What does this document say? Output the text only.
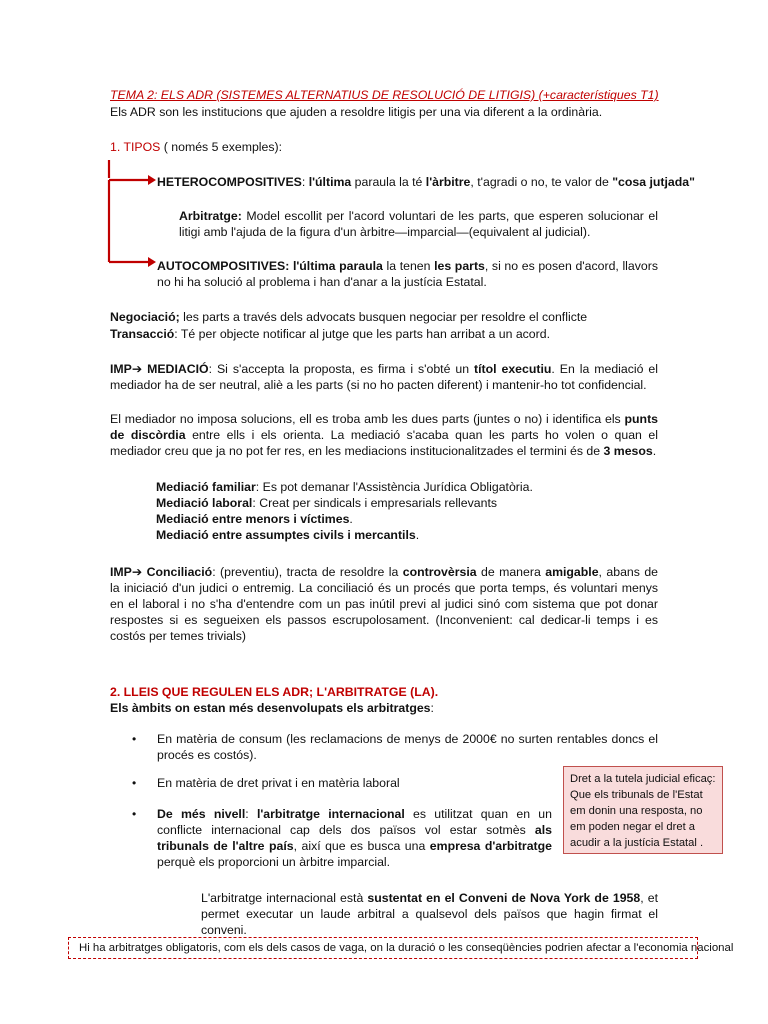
TEMA 2: ELS ADR (SISTEMES ALTERNATIUS DE RESOLUCIÓ DE LITIGIS) (+característiques T1)
Els ADR son les institucions que ajuden a resoldre litigis per una via diferent a la ordinària.
1. TIPOS ( només 5 exemples):
HETEROCOMPOSITIVES: l'última paraula la té l'àrbitre, t'agradi o no, te valor de "cosa jutjada"
Arbitratge: Model escollit per l'acord voluntari de les parts, que esperen solucionar el litigi amb l'ajuda de la figura d'un àrbitre—imparcial—(equivalent al judicial).
AUTOCOMPOSITIVES: l'última paraula la tenen les parts, si no es posen d'acord, llavors no hi ha solució al problema i han d'anar a la justícia Estatal.
Negociació; les parts a través dels advocats busquen negociar per resoldre el conflicte
Transacció: Té per objecte notificar al jutge que les parts han arribat a un acord.
IMP➔ MEDIACIÓ: Si s'accepta la proposta, es firma i s'obté un títol executiu. En la mediació el mediador ha de ser neutral, aliè a les parts (si no ho pacten diferent) i mantenir-ho tot confidencial.
El mediador no imposa solucions, ell es troba amb les dues parts (juntes o no) i identifica els punts de discòrdia entre ells i els orienta. La mediació s'acaba quan les parts ho volen o quan el mediador creu que ja no pot fer res, en les mediacions institucionalitzades el termini és de 3 mesos.
Mediació familiar: Es pot demanar l'Assistència Jurídica Obligatòria.
Mediació laboral: Creat per sindicals i empresarials rellevants
Mediació entre menors i víctimes.
Mediació entre assumptes civils i mercantils.
IMP➔ Conciliació: (preventiu), tracta de resoldre la controvèrsia de manera amigable, abans de la iniciació d'un judici o entremig. La conciliació és un procés que porta temps, és voluntari menys en el laboral i no s'ha d'entendre com un pas inútil previ al judici sinó com sistema que pot donar respostes si es segueixen els passos escrupolosament. (Inconvenient: cal dedicar-li temps i es costós per temes trivials)
2. LLEIS QUE REGULEN ELS ADR; L'ARBITRATGE (LA).
Els àmbits on estan més desenvolupats els arbitratges:
• En matèria de consum (les reclamacions de menys de 2000€ no surten rentables doncs el procés es costós).
• En matèria de dret privat i en matèria laboral
• De més nivell: l'arbitratge internacional es utilitzat quan en un conflicte internacional cap dels dos països vol estar sotmès als tribunals de l'altre país, així que es busca una empresa d'arbitratge perquè els proporcioni un àrbitre imparcial.
Dret a la tutela judicial eficaç: Que els tribunals de l'Estat em donin una resposta, no em poden negar el dret a acudir a la justícia Estatal .
L'arbitratge internacional està sustentat en el Conveni de Nova York de 1958, et permet executar un laude arbitral a qualsevol dels països que hagin firmat el conveni.
Hi ha arbitratges obligatoris, com els dels casos de vaga, on la duració o les conseqüències podrien afectar a l'economia nacional
